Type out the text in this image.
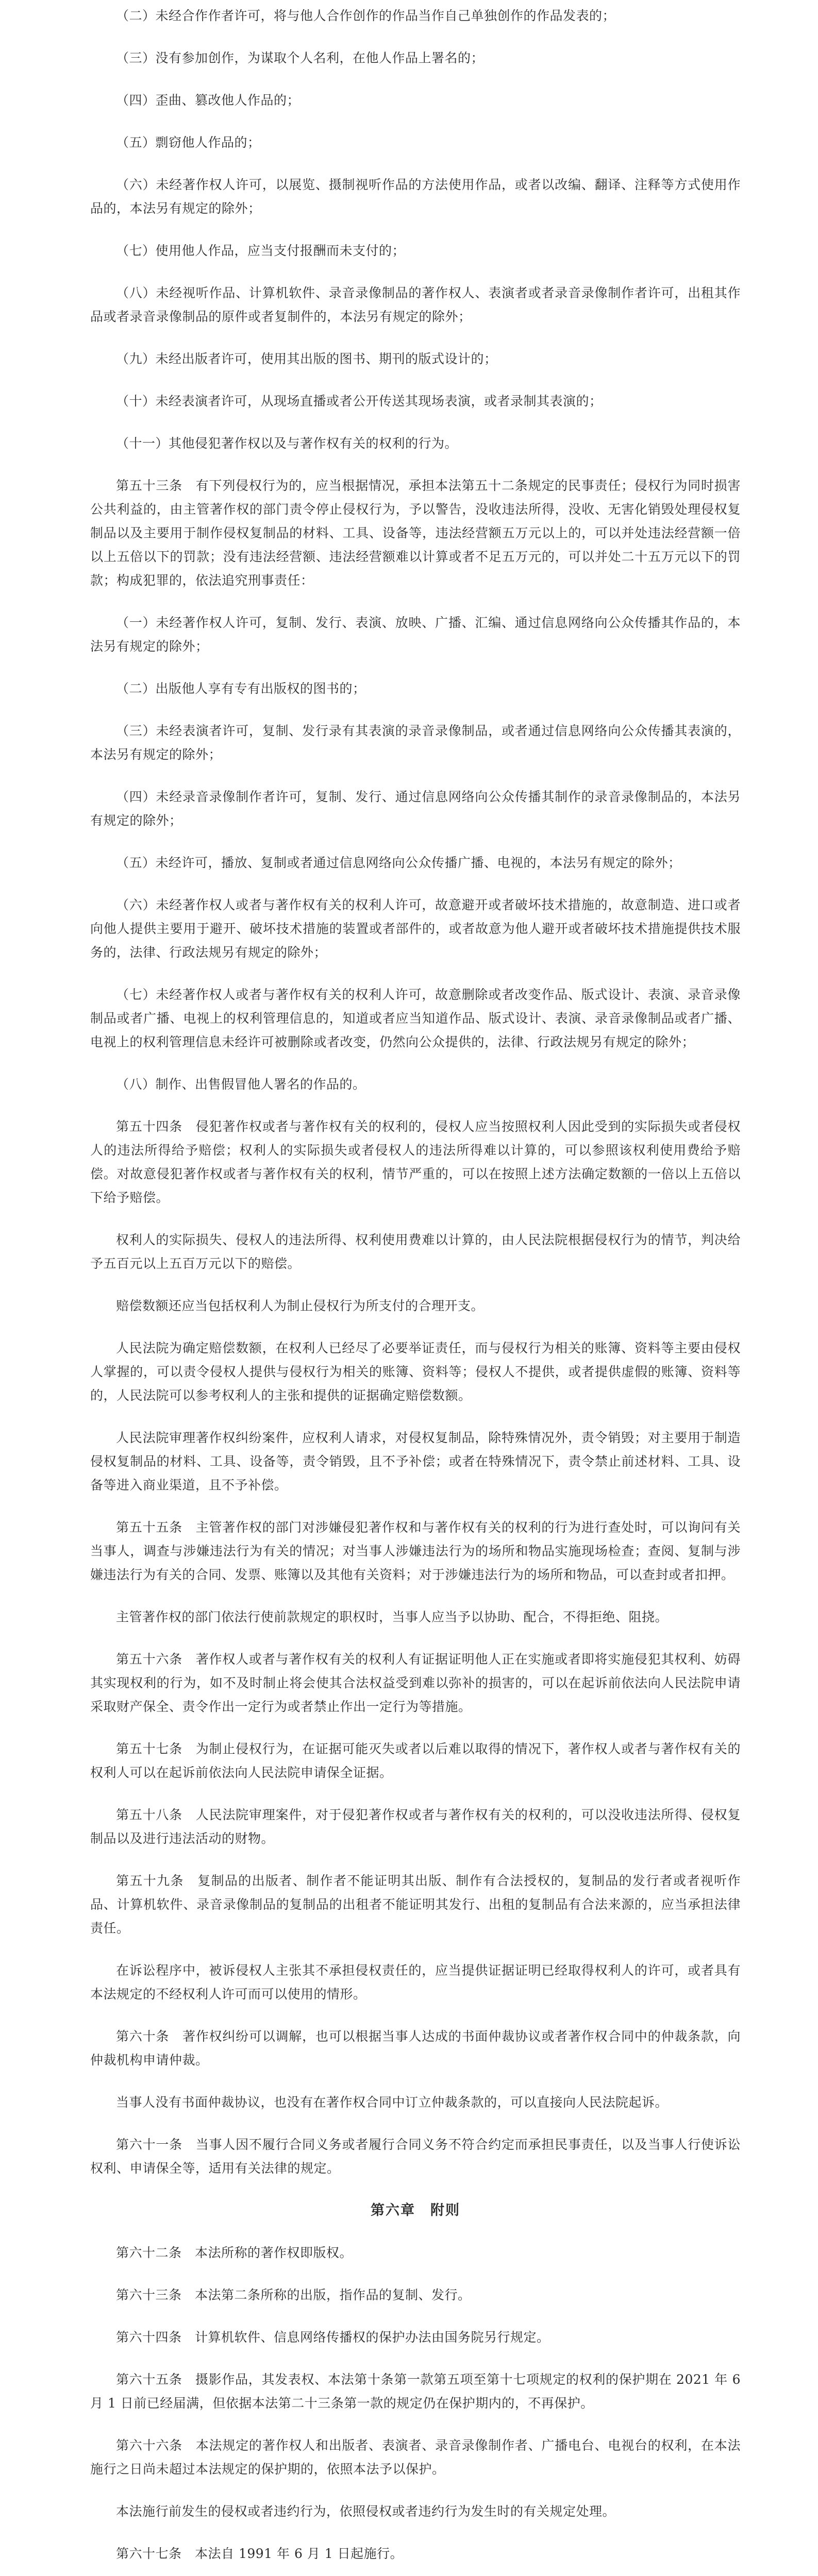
（二）未经合作作者许可，将与他人合作创作的作品当作自己单独创作的作品发表的；

（三）没有参加创作，为谋取个人名利，在他人作品上署名的；

（四）歪曲、篡改他人作品的；

（五）剽窃他人作品的；

（六）未经著作权人许可，以展览、摄制视听作品的方法使用作品，或者以改编、翻译、注释等方式使用作品的，本法另有规定的除外；

（七）使用他人作品，应当支付报酬而未支付的；

（八）未经视听作品、计算机软件、录音录像制品的著作权人、表演者或者录音录像制作者许可，出租其作品或者录音录像制品的原件或者复制件的，本法另有规定的除外；

（九）未经出版者许可，使用其出版的图书、期刊的版式设计的；

（十）未经表演者许可，从现场直播或者公开传送其现场表演，或者录制其表演的；

（十一）其他侵犯著作权以及与著作权有关的权利的行为。

第五十三条　有下列侵权行为的，应当根据情况，承担本法第五十二条规定的民事责任；侵权行为同时损害公共利益的，由主管著作权的部门责令停止侵权行为，予以警告，没收违法所得，没收、无害化销毁处理侵权复制品以及主要用于制作侵权复制品的材料、工具、设备等，违法经营额五万元以上的，可以并处违法经营额一倍以上五倍以下的罚款；没有违法经营额、违法经营额难以计算或者不足五万元的，可以并处二十五万元以下的罚款；构成犯罪的，依法追究刑事责任：

（一）未经著作权人许可，复制、发行、表演、放映、广播、汇编、通过信息网络向公众传播其作品的，本法另有规定的除外；

（二）出版他人享有专有出版权的图书的；

（三）未经表演者许可，复制、发行录有其表演的录音录像制品，或者通过信息网络向公众传播其表演的，本法另有规定的除外；

（四）未经录音录像制作者许可，复制、发行、通过信息网络向公众传播其制作的录音录像制品的，本法另有规定的除外；

（五）未经许可，播放、复制或者通过信息网络向公众传播广播、电视的，本法另有规定的除外；

（六）未经著作权人或者与著作权有关的权利人许可，故意避开或者破坏技术措施的，故意制造、进口或者向他人提供主要用于避开、破坏技术措施的装置或者部件的，或者故意为他人避开或者破坏技术措施提供技术服务的，法律、行政法规另有规定的除外；

（七）未经著作权人或者与著作权有关的权利人许可，故意删除或者改变作品、版式设计、表演、录音录像制品或者广播、电视上的权利管理信息的，知道或者应当知道作品、版式设计、表演、录音录像制品或者广播、电视上的权利管理信息未经许可被删除或者改变，仍然向公众提供的，法律、行政法规另有规定的除外；

（八）制作、出售假冒他人署名的作品的。

第五十四条　侵犯著作权或者与著作权有关的权利的，侵权人应当按照权利人因此受到的实际损失或者侵权人的违法所得给予赔偿；权利人的实际损失或者侵权人的违法所得难以计算的，可以参照该权利使用费给予赔偿。对故意侵犯著作权或者与著作权有关的权利，情节严重的，可以在按照上述方法确定数额的一倍以上五倍以下给予赔偿。

权利人的实际损失、侵权人的违法所得、权利使用费难以计算的，由人民法院根据侵权行为的情节，判决给予五百元以上五百万元以下的赔偿。

赔偿数额还应当包括权利人为制止侵权行为所支付的合理开支。

人民法院为确定赔偿数额，在权利人已经尽了必要举证责任，而与侵权行为相关的账簿、资料等主要由侵权人掌握的，可以责令侵权人提供与侵权行为相关的账簿、资料等；侵权人不提供，或者提供虚假的账簿、资料等的，人民法院可以参考权利人的主张和提供的证据确定赔偿数额。

人民法院审理著作权纠纷案件，应权利人请求，对侵权复制品，除特殊情况外，责令销毁；对主要用于制造侵权复制品的材料、工具、设备等，责令销毁，且不予补偿；或者在特殊情况下，责令禁止前述材料、工具、设备等进入商业渠道，且不予补偿。

第五十五条　主管著作权的部门对涉嫌侵犯著作权和与著作权有关的权利的行为进行查处时，可以询问有关当事人，调查与涉嫌违法行为有关的情况；对当事人涉嫌违法行为的场所和物品实施现场检查；查阅、复制与涉嫌违法行为有关的合同、发票、账簿以及其他有关资料；对于涉嫌违法行为的场所和物品，可以查封或者扣押。

主管著作权的部门依法行使前款规定的职权时，当事人应当予以协助、配合，不得拒绝、阻挠。

第五十六条　著作权人或者与著作权有关的权利人有证据证明他人正在实施或者即将实施侵犯其权利、妨碍其实现权利的行为，如不及时制止将会使其合法权益受到难以弥补的损害的，可以在起诉前依法向人民法院申请采取财产保全、责令作出一定行为或者禁止作出一定行为等措施。

第五十七条　为制止侵权行为，在证据可能灭失或者以后难以取得的情况下，著作权人或者与著作权有关的权利人可以在起诉前依法向人民法院申请保全证据。

第五十八条　人民法院审理案件，对于侵犯著作权或者与著作权有关的权利的，可以没收违法所得、侵权复制品以及进行违法活动的财物。

第五十九条　复制品的出版者、制作者不能证明其出版、制作有合法授权的，复制品的发行者或者视听作品、计算机软件、录音录像制品的复制品的出租者不能证明其发行、出租的复制品有合法来源的，应当承担法律责任。

在诉讼程序中，被诉侵权人主张其不承担侵权责任的，应当提供证据证明已经取得权利人的许可，或者具有本法规定的不经权利人许可而可以使用的情形。

第六十条　著作权纠纷可以调解，也可以根据当事人达成的书面仲裁协议或者著作权合同中的仲裁条款，向仲裁机构申请仲裁。

当事人没有书面仲裁协议，也没有在著作权合同中订立仲裁条款的，可以直接向人民法院起诉。

第六十一条　当事人因不履行合同义务或者履行合同义务不符合约定而承担民事责任，以及当事人行使诉讼权利、申请保全等，适用有关法律的规定。

第六章　附则

第六十二条　本法所称的著作权即版权。

第六十三条　本法第二条所称的出版，指作品的复制、发行。

第六十四条　计算机软件、信息网络传播权的保护办法由国务院另行规定。

第六十五条　摄影作品，其发表权、本法第十条第一款第五项至第十七项规定的权利的保护期在 2021 年 6 月 1 日前已经届满，但依据本法第二十三条第一款的规定仍在保护期内的，不再保护。

第六十六条　本法规定的著作权人和出版者、表演者、录音录像制作者、广播电台、电视台的权利，在本法施行之日尚未超过本法规定的保护期的，依照本法予以保护。

本法施行前发生的侵权或者违约行为，依照侵权或者违约行为发生时的有关规定处理。

第六十七条　本法自 1991 年 6 月 1 日起施行。
